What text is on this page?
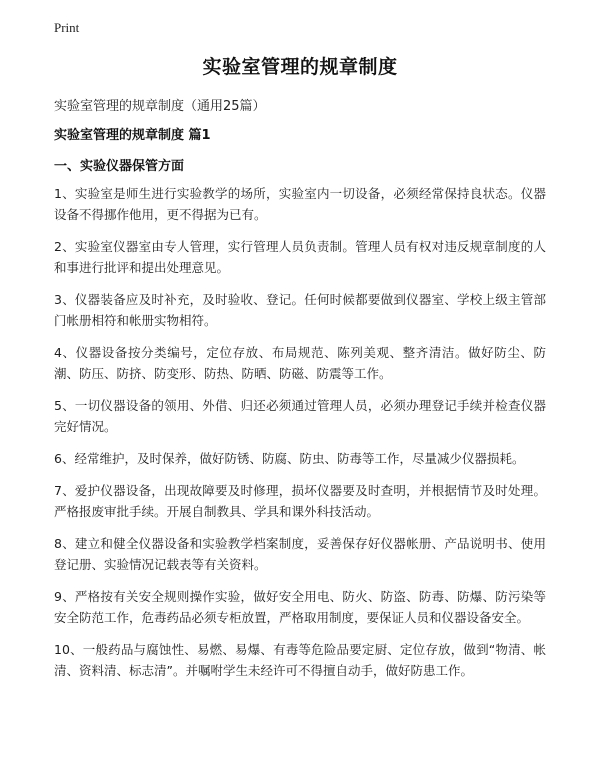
Print
实验室管理的规章制度
实验室管理的规章制度（通用25篇）
实验室管理的规章制度 篇1
一、实验仪器保管方面

1、实验室是师生进行实验教学的场所，实验室内一切设备，必须经常保持良状态。仪器设备不得挪作他用，更不得据为已有。

2、实验室仪器室由专人管理，实行管理人员负责制。管理人员有权对违反规章制度的人和事进行批评和提出处理意见。

3、仪器装备应及时补充，及时验收、登记。任何时候都要做到仪器室、学校上级主管部门帐册相符和帐册实物相符。

4、仪器设备按分类编号，定位存放、布局规范、陈列美观、整齐清洁。做好防尘、防潮、防压、防挤、防变形、防热、防晒、防磁、防震等工作。

5、一切仪器设备的领用、外借、归还必须通过管理人员，必须办理登记手续并检查仪器完好情况。

6、经常维护，及时保养，做好防锈、防腐、防虫、防毒等工作，尽量减少仪器损耗。

7、爱护仪器设备，出现故障要及时修理，损坏仪器要及时查明，并根据情节及时处理。严格报废审批手续。开展自制教具、学具和课外科技活动。

8、建立和健全仪器设备和实验教学档案制度，妥善保存好仪器帐册、产品说明书、使用登记册、实验情况记载表等有关资料。

9、严格按有关安全规则操作实验，做好安全用电、防火、防盗、防毒、防爆、防污染等安全防范工作，危毒药品必须专柜放置，严格取用制度，要保证人员和仪器设备安全。

10、一般药品与腐蚀性、易燃、易爆、有毒等危险品要定厨、定位存放，做到“物清、帐清、资料清、标志清”。并嘱咐学生未经许可不得擅自动手，做好防患工作。
